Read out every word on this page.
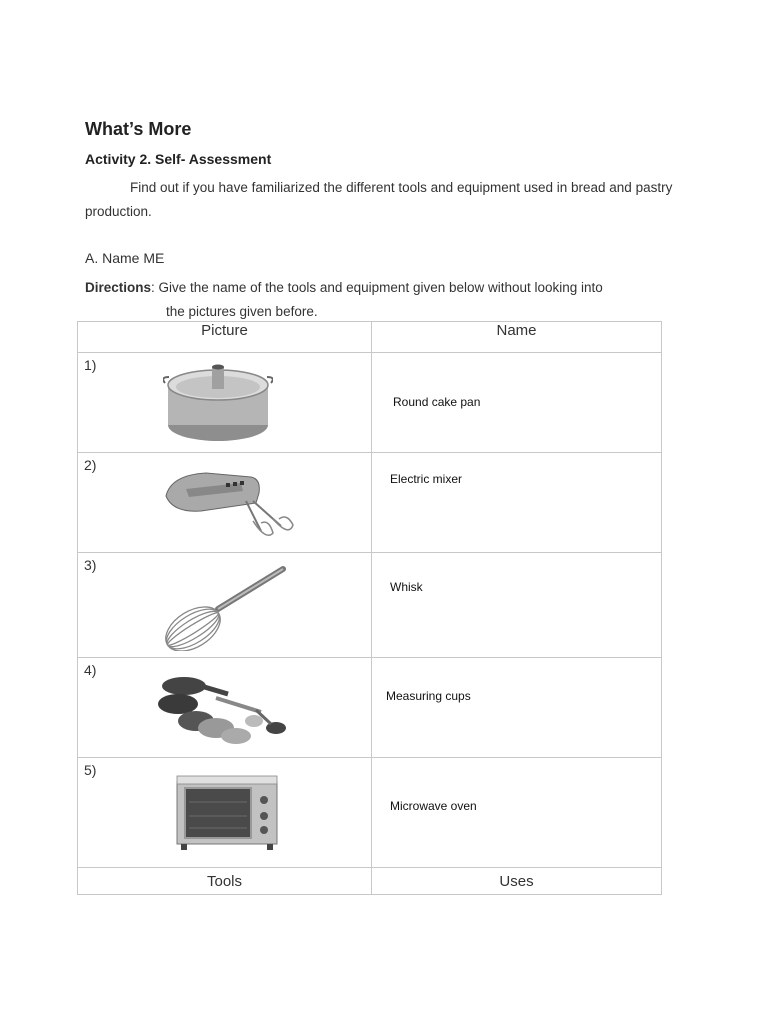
What’s More
Activity 2. Self- Assessment
Find out if you have familiarized the different tools and equipment used in bread and pastry production.
A. Name ME
Directions: Give the name of the tools and equipment given below without looking into
the pictures given before.
Picture	Name

1)	Round cake pan

2)	Electric mixer

3)	Whisk

4)	Measuring cups

5)	Microwave oven

Tools	Uses
